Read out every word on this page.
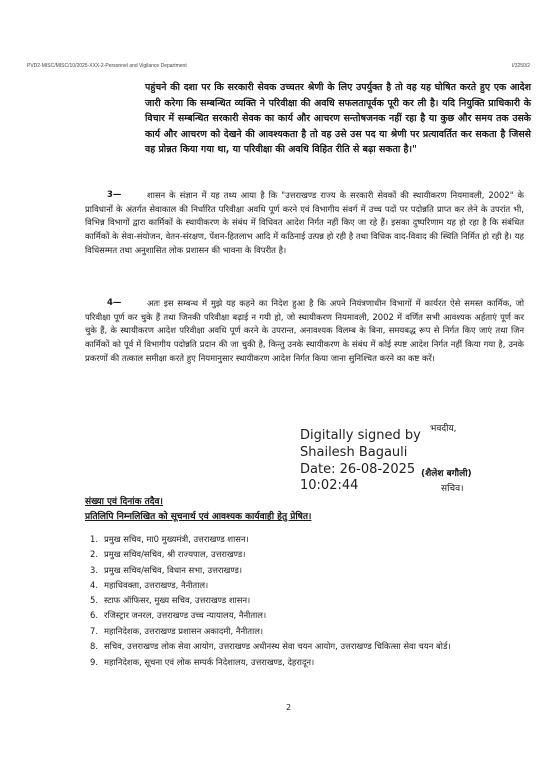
PVD2-MISC/MISC/10/2025-XXX-2-Personnel and Vigilance Department	I/3250/2
पहुंचने की दशा पर कि सरकारी सेवक उच्चतर श्रेणी के लिए उपर्युक्त है तो वह यह घोषित करते हुए एक आदेश जारी करेगा कि सम्बन्धित व्यक्ति ने परिवीक्षा की अवधि सफलतापूर्वक पूरी कर ली है। यदि नियुक्ति प्राधिकारी के विचार में सम्बन्धित सरकारी सेवक का कार्य और आचरण सन्तोषजनक नहीं रहा है या कुछ और समय तक उसके कार्य और आचरण को देखने की आवश्यकता है तो वह उसे उस पद या श्रेणी पर प्रत्यावर्तित कर सकता है जिससे वह प्रोन्नत किया गया था, या परिवीक्षा की अवधि विहित रीति से बढ़ा सकता है।"
3—	शासन के संज्ञान में यह तथ्य आया है कि "उत्तराखण्ड राज्य के सरकारी सेवकों की स्थायीकरण नियमावली, 2002" के प्राविधानों के अंतर्गत सेवाकाल की निर्धारित परिवीक्षा अवधि पूर्ण करने एवं विभागीय संवर्ग में उच्च पदों पर पदोन्नति प्राप्त कर लेने के उपरांत भी, विभिन्न विभागों द्वारा कार्मिकों के स्थायीकरण के संबंध में विधिवत आदेश निर्गत नहीं किए जा रहे हैं। इसका दुष्परिणाम यह हो रहा है कि संबंधित कार्मिकों के सेवा-संयोजन, वेतन-संरक्षण, पेंशन-हितलाभ आदि में कठिनाई उत्पन्न हो रही है तथा विधिक वाद-विवाद की स्थिति निर्मित हो रही है। यह विधिसम्मत तथा अनुशासित लोक प्रशासन की भावना के विपरीत है।
4—	अतः इस सम्बन्ध में मुझे यह कहने का निदेश हुआ है कि अपने नियंत्रणाधीन विभागों में कार्यरत ऐसे समस्त कार्मिक, जो परिवीक्षा पूर्ण कर चुके हैं तथा जिनकी परिवीक्षा बढ़ाई न गयी हो, जो स्थायीकरण नियमावली, 2002 में वर्णित सभी आवश्यक अर्हताएं पूर्ण कर चुके हैं, के स्थायीकरण आदेश परिवीक्षा अवधि पूर्ण करने के उपरान्त, अनावश्यक विलम्ब के बिना, समयबद्ध रूप से निर्गत किए जाएं तथा जिन कार्मिकों को पूर्व में विभागीय पदोन्नति प्रदान की जा चुकी है, किन्तु उनके स्थायीकरण के संबंध में कोई स्पष्ट आदेश निर्गत नहीं किया गया है, उनके प्रकरणों की तत्काल समीक्षा करते हुए नियमानुसार स्थायीकरण आदेश निर्गत किया जाना सुनिश्चित करने का कष्ट करें।
भवदीय,
Digitally signed by
Shailesh Bagauli
Date: 26-08-2025
10:02:44
(शैलेश बगौली)
सचिव।
संख्या एवं दिनांक तदैव।
प्रतिलिपि निम्नलिखित को सूचनार्थ एवं आवश्यक कार्यवाही हेतु प्रेषित।
1. प्रमुख सचिव, मा0 मुख्यमंत्री, उत्तराखण्ड शासन।
2. प्रमुख सचिव/सचिव, श्री राज्यपाल, उत्तराखण्ड।
3. प्रमुख सचिव/सचिव, विधान सभा, उत्तराखण्ड।
4. महाधिवक्ता, उत्तराखण्ड, नैनीताल।
5. स्टाफ ऑफिसर, मुख्य सचिव, उत्तराखण्ड शासन।
6. रजिस्ट्रार जनरल, उत्तराखण्ड उच्च न्यायालय, नैनीताल।
7. महानिदेशक, उत्तराखण्ड प्रशासन अकादमी, नैनीताल।
8. सचिव, उत्तराखण्ड लोक सेवा आयोग, उत्तराखण्ड अधीनस्थ सेवा चयन आयोग, उत्तराखण्ड चिकित्सा सेवा चयन बोर्ड।
9. महानिदेशक, सूचना एवं लोक सम्पर्क निदेशालय, उत्तराखण्ड, देहरादून।
2
